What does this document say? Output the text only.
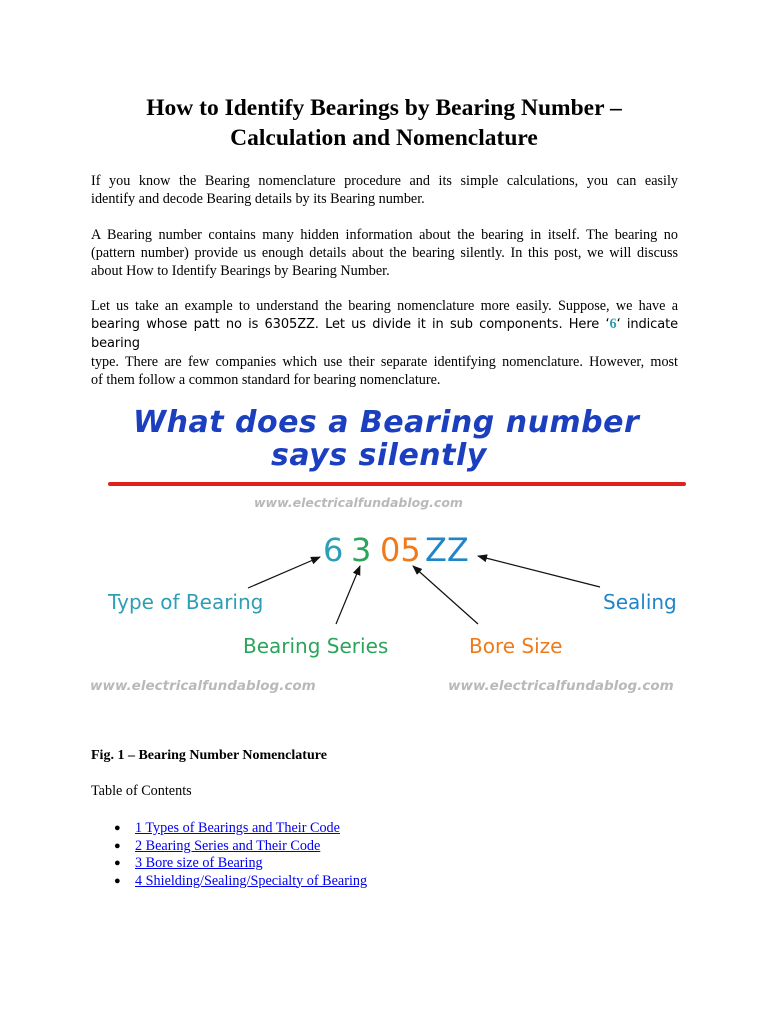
How to Identify Bearings by Bearing Number –
Calculation and Nomenclature

If you know the Bearing nomenclature procedure and its simple calculations, you can easily
identify and decode Bearing details by its Bearing number.

A Bearing number contains many hidden information about the bearing in itself. The bearing no
(pattern number) provide us enough details about the bearing silently. In this post, we will discuss
about How to Identify Bearings by Bearing Number.

Let us take an example to understand the bearing nomenclature more easily. Suppose, we have a
bearing whose patt no is 6305ZZ. Let us divide it in sub components. Here ‘6‘ indicate bearing
type. There are few companies which use their separate identifying nomenclature. However, most
of them follow a common standard for bearing nomenclature.

What does a Bearing number
says silently
www.electricalfundablog.com
6 3 05 ZZ
Type of Bearing
Bearing Series	Bore Size
Sealing
www.electricalfundablog.com	www.electricalfundablog.com
Fig. 1 – Bearing Number Nomenclature
Table of Contents
● 1 Types of Bearings and Their Code
● 2 Bearing Series and Their Code
● 3 Bore size of Bearing
● 4 Shielding/Sealing/Specialty of Bearing
